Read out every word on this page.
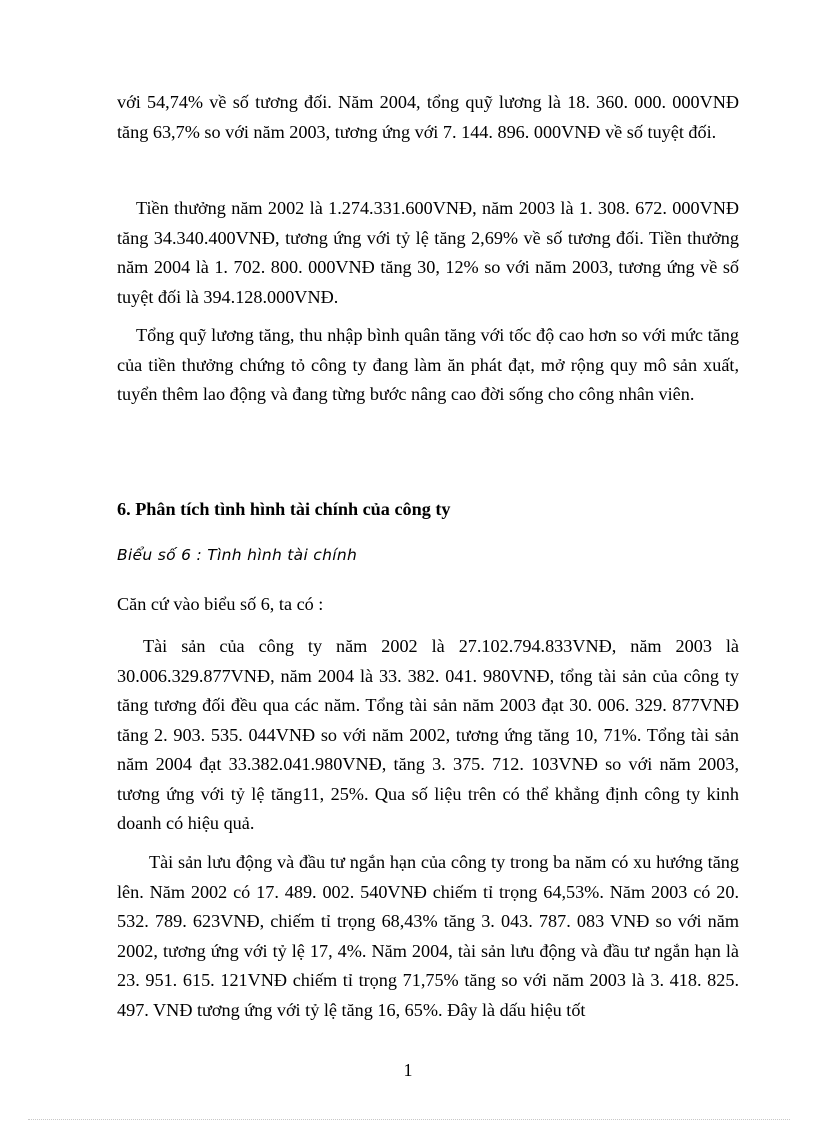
với 54,74% về số tương đối. Năm 2004, tổng quỹ lương là 18. 360. 000. 000VNĐ tăng 63,7% so với năm 2003, tương ứng với 7. 144. 896. 000VNĐ về số tuyệt đối.

Tiền thưởng năm 2002 là 1.274.331.600VNĐ, năm 2003 là 1. 308. 672. 000VNĐ tăng 34.340.400VNĐ, tương ứng với tỷ lệ tăng 2,69% về số tương đối. Tiền thưởng năm 2004 là 1. 702. 800. 000VNĐ tăng 30, 12% so với năm 2003, tương ứng về số tuyệt đối là 394.128.000VNĐ.

Tổng quỹ lương tăng, thu nhập bình quân tăng với tốc độ cao hơn so với mức tăng của tiền thưởng chứng tỏ công ty đang làm ăn phát đạt, mở rộng quy mô sản xuất, tuyển thêm lao động và đang từng bước nâng cao đời sống cho công nhân viên.

6. Phân tích tình hình tài chính của công ty

Biểu số 6 : Tình hình tài chính

Căn cứ vào biểu số 6, ta có :

Tài sản của công ty năm 2002 là 27.102.794.833VNĐ, năm 2003 là 30.006.329.877VNĐ, năm 2004 là 33. 382. 041. 980VNĐ, tổng tài sản của công ty tăng tương đối đều qua các năm. Tổng tài sản năm 2003 đạt 30. 006. 329. 877VNĐ tăng 2. 903. 535. 044VNĐ so với năm 2002, tương ứng tăng 10, 71%. Tổng tài sản năm 2004 đạt 33.382.041.980VNĐ, tăng 3. 375. 712. 103VNĐ so với năm 2003, tương ứng với tỷ lệ tăng11, 25%. Qua số liệu trên có thể khẳng định công ty kinh doanh có hiệu quả.

Tài sản lưu động và đầu tư ngắn hạn của công ty trong ba năm có xu hướng tăng lên. Năm 2002 có 17. 489. 002. 540VNĐ chiếm tỉ trọng 64,53%. Năm 2003 có 20. 532. 789. 623VNĐ, chiếm tỉ trọng 68,43% tăng 3. 043. 787. 083 VNĐ so với năm 2002, tương ứng với tỷ lệ 17, 4%. Năm 2004, tài sản lưu động và đầu tư ngắn hạn là 23. 951. 615. 121VNĐ chiếm tỉ trọng 71,75% tăng so với năm 2003 là 3. 418. 825. 497. VNĐ tương ứng với tỷ lệ tăng 16, 65%. Đây là dấu hiệu tốt

1
